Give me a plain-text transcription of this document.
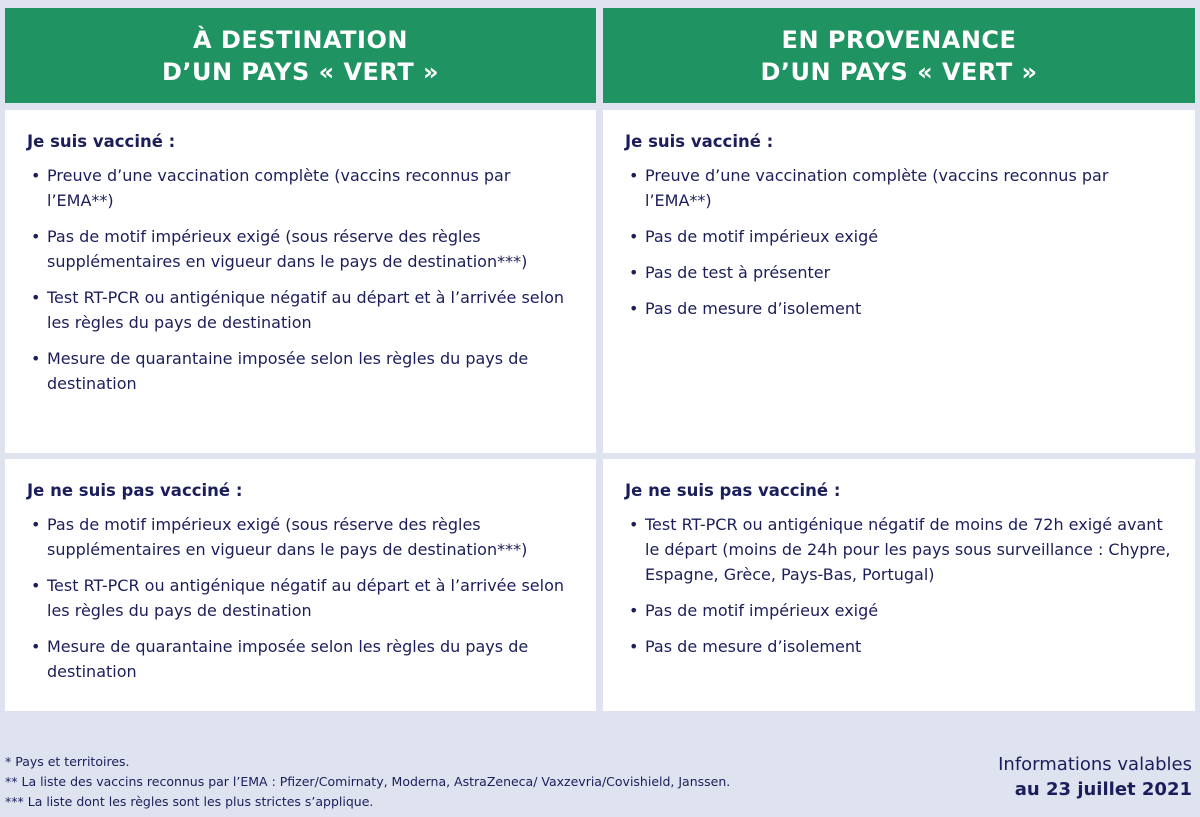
À DESTINATION
D’UN PAYS « VERT »
EN PROVENANCE
D’UN PAYS « VERT »
Je suis vacciné :
• Preuve d’une vaccination complète (vaccins reconnus par l’EMA**)
• Pas de motif impérieux exigé (sous réserve des règles supplémentaires en vigueur dans le pays de destination***)
• Test RT-PCR ou antigénique négatif au départ et à l’arrivée selon les règles du pays de destination
• Mesure de quarantaine imposée selon les règles du pays de destination
Je suis vacciné :
• Preuve d’une vaccination complète (vaccins reconnus par l’EMA**)
• Pas de motif impérieux exigé
• Pas de test à présenter
• Pas de mesure d’isolement
Je ne suis pas vacciné :
• Pas de motif impérieux exigé (sous réserve des règles supplémentaires en vigueur dans le pays de destination***)
• Test RT-PCR ou antigénique négatif au départ et à l’arrivée selon les règles du pays de destination
• Mesure de quarantaine imposée selon les règles du pays de destination
Je ne suis pas vacciné :
• Test RT-PCR ou antigénique négatif de moins de 72h exigé avant le départ (moins de 24h pour les pays sous surveillance : Chypre, Espagne, Grèce, Pays-Bas, Portugal)
• Pas de motif impérieux exigé
• Pas de mesure d’isolement
* Pays et territoires.
** La liste des vaccins reconnus par l’EMA : Pfizer/Comirnaty, Moderna, AstraZeneca/ Vaxzevria/Covishield, Janssen.
*** La liste dont les règles sont les plus strictes s’applique.
Informations valables
au 23 juillet 2021
